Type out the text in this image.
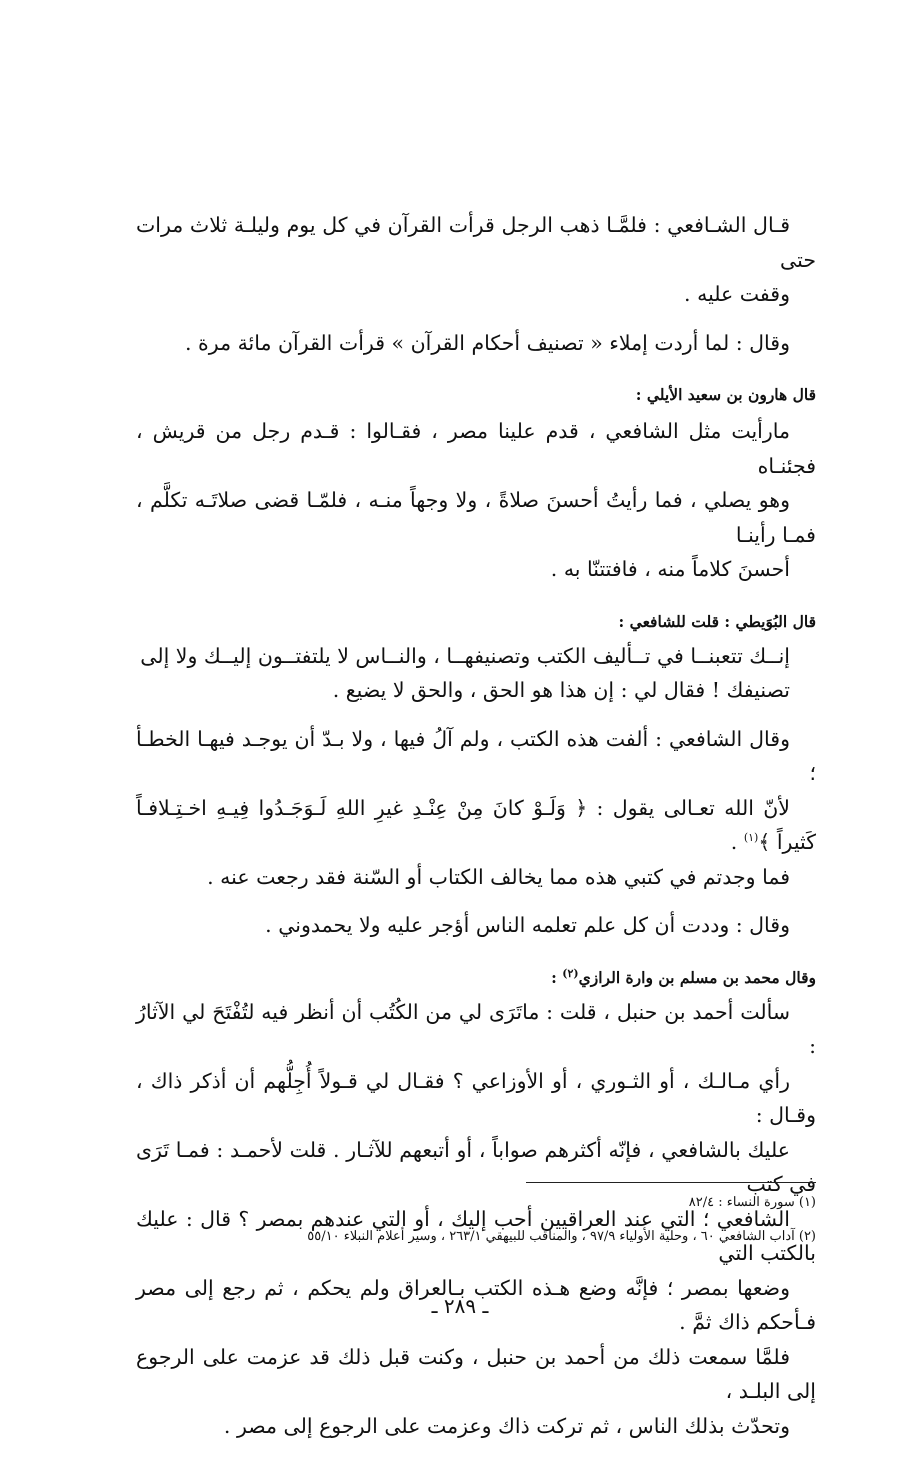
قـال الشـافعي : فلمَّـا ذهب الرجل قرأت القرآن في كل يوم وليلـة ثلاث مرات حتى
وقفت عليه .

وقال : لما أردت إملاء « تصنيف أحكام القرآن » قرأت القرآن مائة مرة .

قال هارون بن سعيد الأيلي :

مارأيت مثل الشافعي ، قدم علينا مصر ، فقـالوا : قـدم رجل من قريش ، فجئنـاه
وهو يصلي ، فما رأيتُ أحسنَ صلاةً ، ولا وجهاً منـه ، فلمّـا قضى صلاتَـه تكلَّم ، فمـا رأينـا
أحسنَ كلاماً منه ، فافتتنّا به .

قال البُوَيطي : قلت للشافعي :

إنــك تتعبنــا في تــأليف الكتب وتصنيفهــا ، والنــاس لا يلتفتــون إليــك ولا إلى
تصنيفك ! فقال لي : إن هذا هو الحق ، والحق لا يضيع .

وقال الشافعي : ألفت هذه الكتب ، ولم آلُ فيها ، ولا بـدّ أن يوجـد فيهـا الخطـأ ؛
لأنّ الله تعـالى يقول : ﴿ وَلَـوْ كانَ مِنْ عِنْـدِ غيرِ اللهِ لَـوَجَـدُوا فِيـهِ اخـتِـلافـاً كَثيراً ﴾$^{(١)}$ .
فما وجدتم في كتبي هذه مما يخالف الكتاب أو السّنة فقد رجعت عنه .

وقال : وددت أن كل علم تعلمه الناس أؤجر عليه ولا يحمدوني .

وقال محمد بن مسلم بن وارة الرازي$^{(٢)}$ :

سألت أحمد بن حنبل ، قلت : ماتَرَى لي من الكُتُب أن أنظر فيه لتُفْتَحَ لي الآثارُ :
رأي مـالـك ، أو الثـوري ، أو الأوزاعي ؟ فقـال لي قـولاً أُجِلُّهم أن أذكر ذاك ، وقـال :
عليك بالشافعي ، فإنّه أكثرهم صواباً ، أو أتبعهم للآثـار . قلت لأحمـد : فمـا تَرَى في كتب
الشافعي ؛ التي عند العراقيين أحب إليك ، أو التي عندهم بمصر ؟ قال : عليك بالكتب التي
وضعها بمصر ؛ فإنَّه وضع هـذه الكتب بـالعراق ولم يحكم ، ثم رجع إلى مصر فـأحكم ذاك ثمَّ .
فلمَّا سمعت ذلك من أحمد بن حنبل ، وكنت قبل ذلك قد عزمت على الرجوع إلى البلـد ،
وتحدّث بذلك الناس ، ثم تركت ذاك وعزمت على الرجوع إلى مصر .

(١) سورة النساء : ٨٢/٤
(٢) آداب الشافعي ٦٠ ، وحلية الأولياء ٩٧/٩ ، والمناقب للبيهقي ٢٦٣/١ ، وسير أعلام النبلاء ٥٥/١٠
ـ ٢٨٩ ـ
